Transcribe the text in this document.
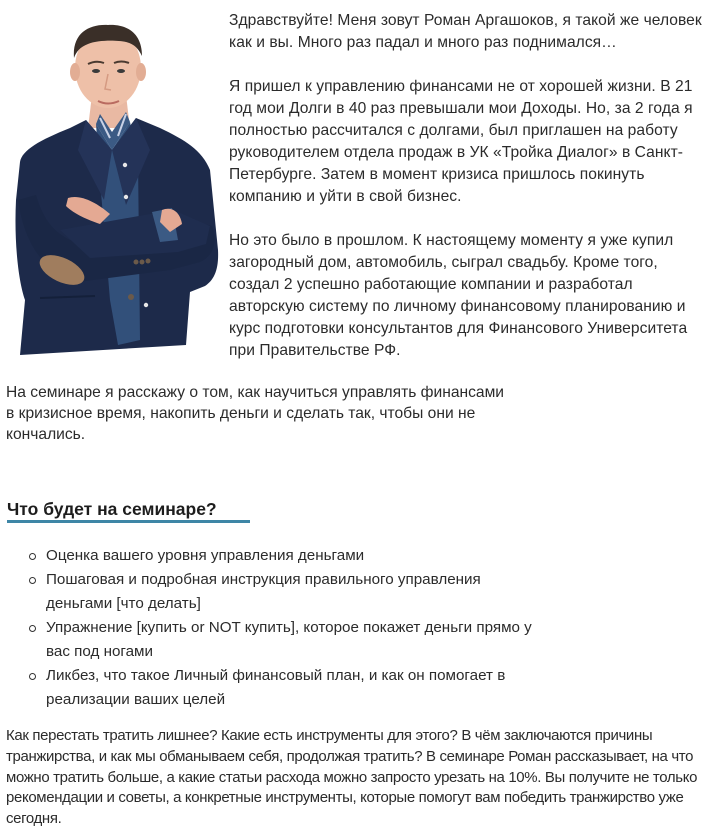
Здравствуйте! Меня зовут Роман Аргашоков, я такой же человек как и вы. Много раз падал и много раз поднимался…

Я пришел к управлению финансами не от хорошей жизни. В 21 год мои Долги в 40 раз превышали мои Доходы. Но, за 2 года я полностью рассчитался с долгами, был приглашен на работу руководителем отдела продаж в УК «Тройка Диалог» в Санкт-Петербурге. Затем в момент кризиса пришлось покинуть компанию и уйти в свой бизнес.

Но это было в прошлом. К настоящему моменту я уже купил загородный дом, автомобиль, сыграл свадьбу. Кроме того, создал 2 успешно работающие компании и разработал авторскую систему по личному финансовому планированию и курс подготовки консультантов для Финансового Университета при Правительстве РФ.

На семинаре я расскажу о том, как научиться управлять финансами в кризисное время, накопить деньги и сделать так, чтобы они не кончались.

Что будет на семинаре?
Оценка вашего уровня управления деньгами
Пошаговая и подробная инструкция правильного управления деньгами [что делать]
Упражнение [купить or NOT купить], которое покажет деньги прямо у вас под ногами
Ликбез, что такое Личный финансовый план, и как он помогает в реализации ваших целей

Как перестать тратить лишнее? Какие есть инструменты для этого? В чём заключаются причины транжирства, и как мы обманываем себя, продолжая тратить? В семинаре Роман рассказывает, на что можно тратить больше, а какие статьи расхода можно запросто урезать на 10%. Вы получите не только рекомендации и советы, а конкретные инструменты, которые помогут вам победить транжирство уже сегодня.
